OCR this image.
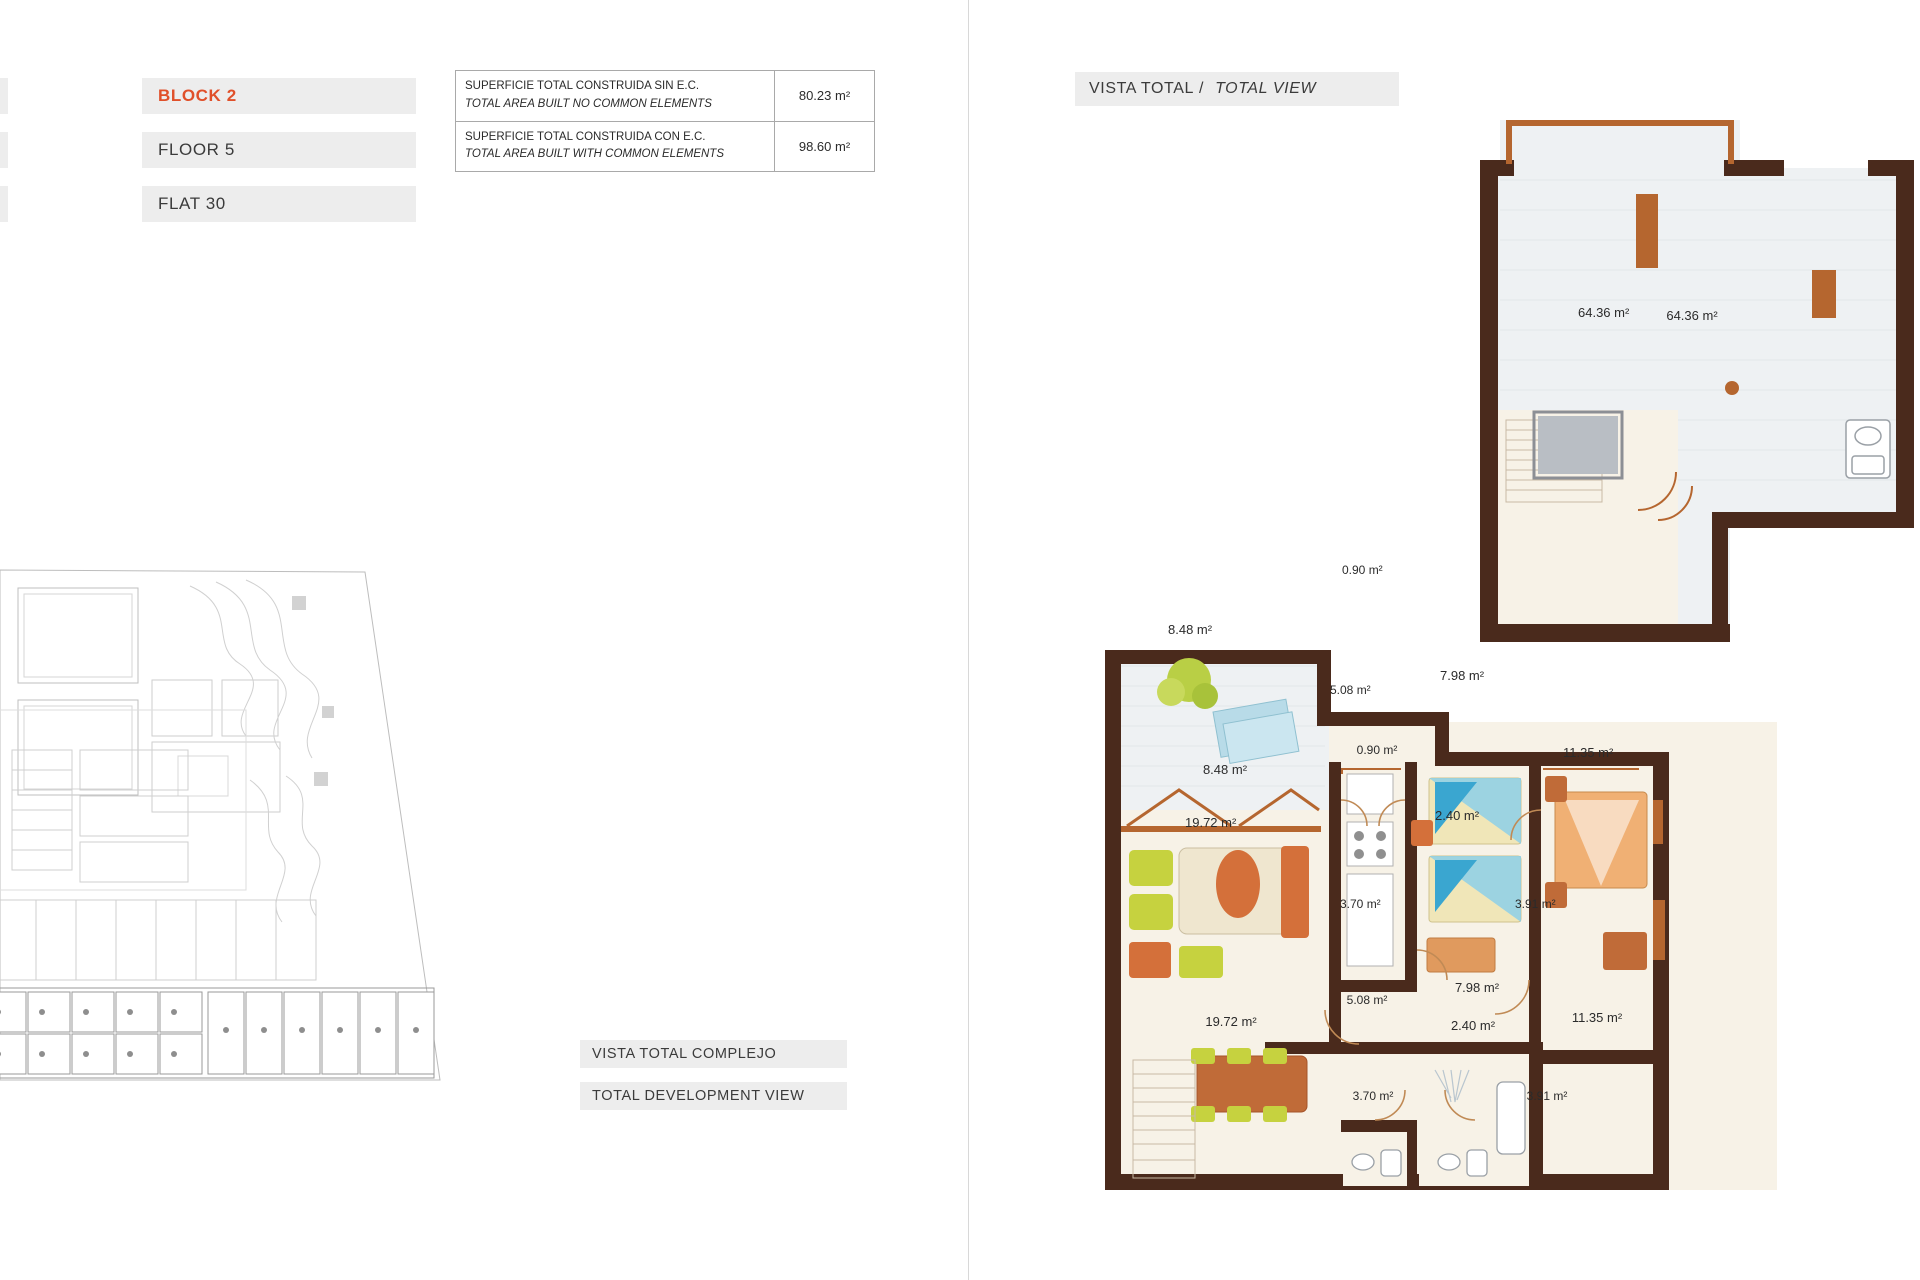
BLOCK 2
FLOOR 5
FLAT 30
SUPERFICIE TOTAL CONSTRUIDA SIN E.C.
TOTAL AREA BUILT NO COMMON ELEMENTS	80.23 m²

SUPERFICIE TOTAL CONSTRUIDA CON E.C.
TOTAL AREA BUILT WITH COMMON ELEMENTS	98.60 m²
VISTA TOTAL COMPLEJO
TOTAL DEVELOPMENT VIEW
VISTA TOTAL / TOTAL VIEW
64.36 m²
8.48 m²
0.90 m²
5.08 m²
7.98 m²
11.35 m²
19.72 m²	2.40 m²
3.70 m²	3.91 m²
64.36 m²
8.48 m²
0.90 m²
5.08 m²
7.98 m²
11.35 m²
19.72 m²	2.40 m²
3.70 m²	3.91 m²
